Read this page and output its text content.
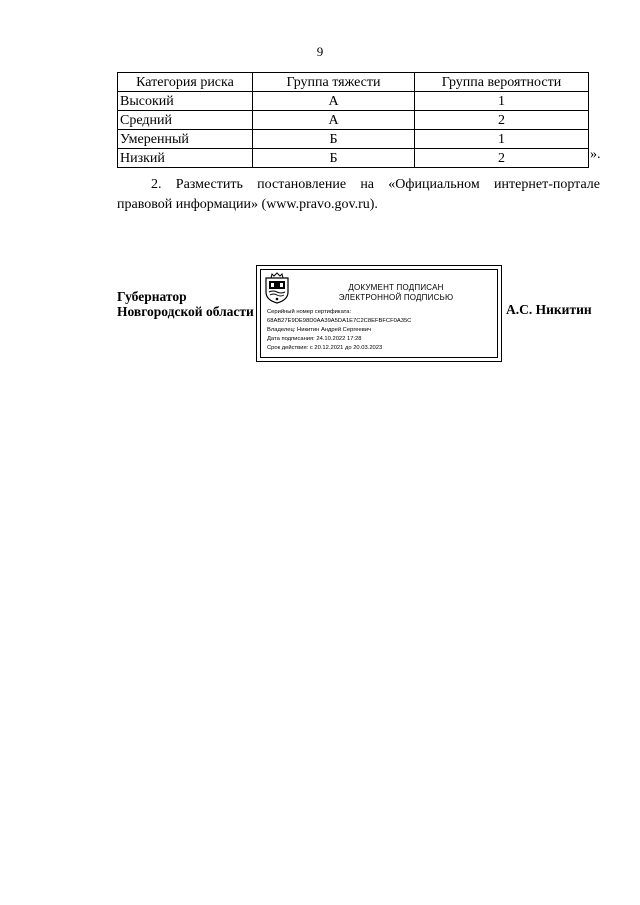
9
Категория риска	Группа тяжести	Группа вероятности
Высокий	А	1
Средний	А	2
Умеренный	Б	1
Низкий	Б	2	».
2. Разместить постановление на «Официальном интернет-портале правовой информации» (www.pravo.gov.ru).
Губернатор
Новгородской области
ДОКУМЕНТ ПОДПИСАН
ЭЛЕКТРОННОЙ ПОДПИСЬЮ
Серийный номер сертификата:
68AB27E9DE98D0AA39A5DA1E7C2C8EFBFCF0A35C
Владелец: Никитин Андрей Сергеевич
Дата подписания: 24.10.2022 17:28
Срок действия: с 20.12.2021 до 20.03.2023
А.С. Никитин
